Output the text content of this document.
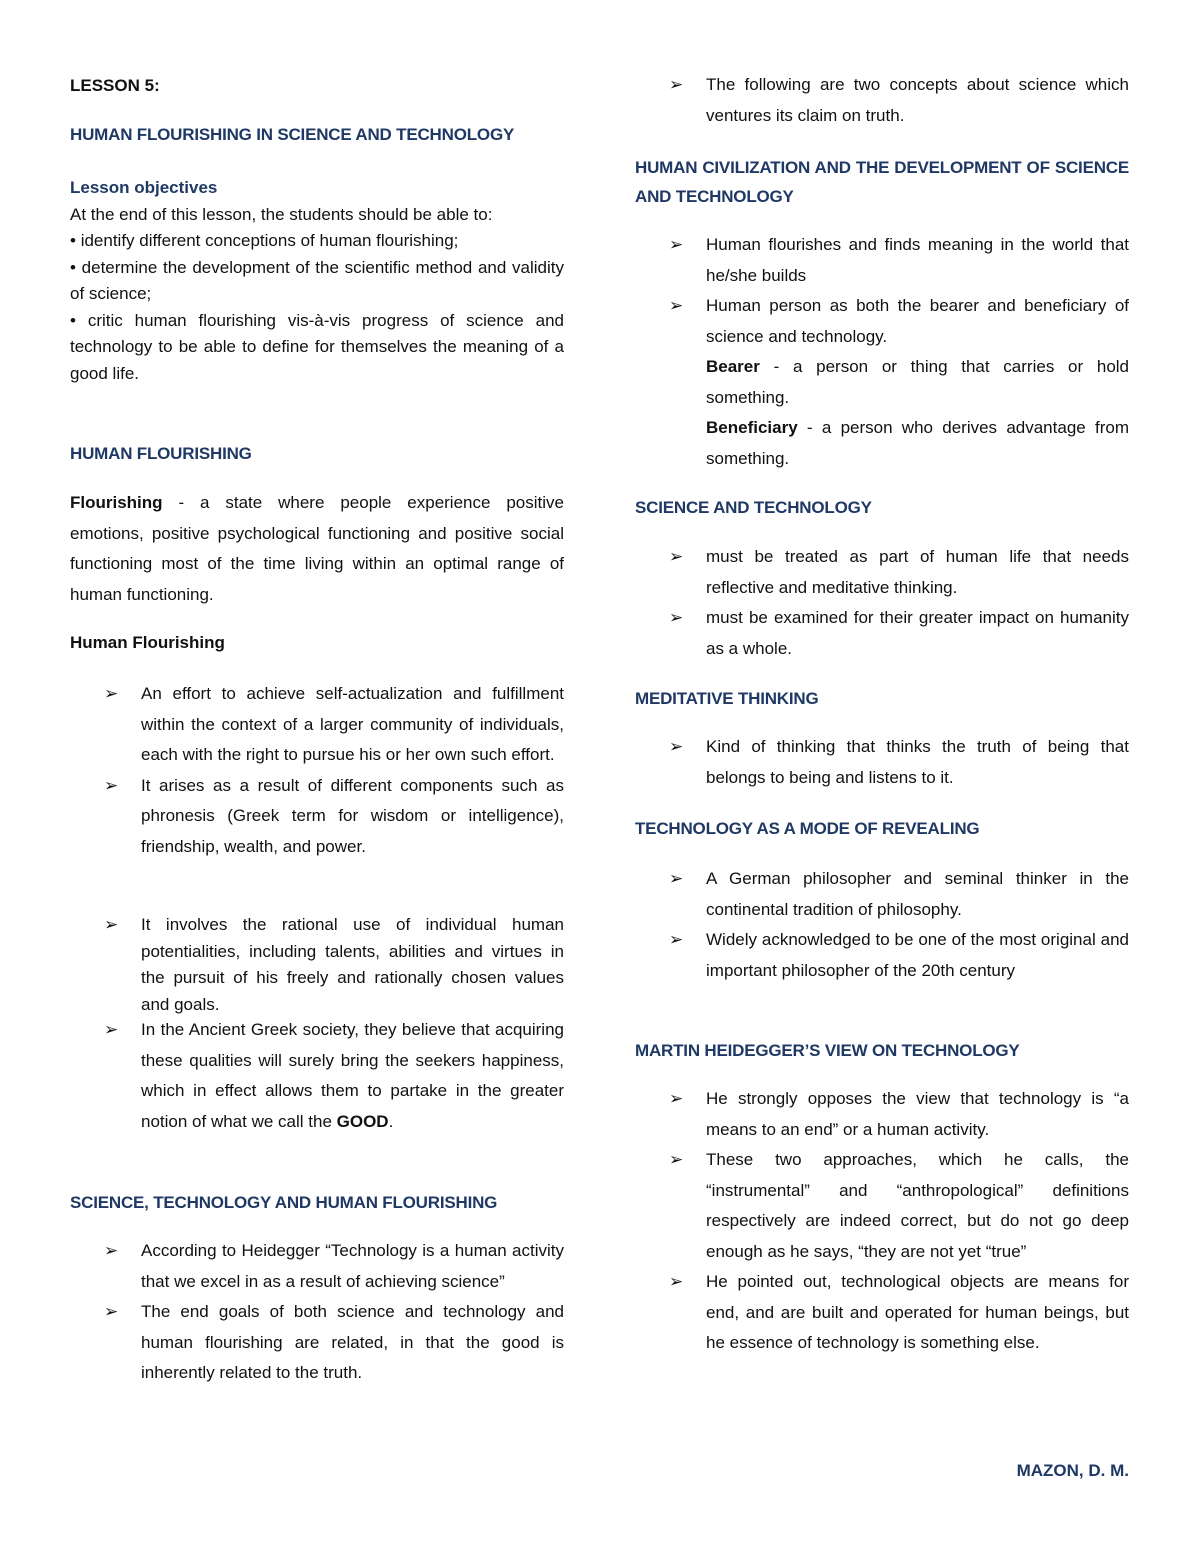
LESSON 5:

HUMAN FLOURISHING IN SCIENCE AND TECHNOLOGY

Lesson objectives
At the end of this lesson, the students should be able to:
• identify different conceptions of human flourishing;
• determine the development of the scientific method and validity of science;
• critic human flourishing vis-à-vis progress of science and technology to be able to define for themselves the meaning of a good life.

HUMAN FLOURISHING

Flourishing - a state where people experience positive emotions, positive psychological functioning and positive social functioning most of the time living within an optimal range of human functioning.

Human Flourishing

➢ An effort to achieve self-actualization and fulfillment within the context of a larger community of individuals, each with the right to pursue his or her own such effort.
➢ It arises as a result of different components such as phronesis (Greek term for wisdom or intelligence), friendship, wealth, and power.
➢ It involves the rational use of individual human potentialities, including talents, abilities and virtues in the pursuit of his freely and rationally chosen values and goals.
➢ In the Ancient Greek society, they believe that acquiring these qualities will surely bring the seekers happiness, which in effect allows them to partake in the greater notion of what we call the GOOD.

SCIENCE, TECHNOLOGY AND HUMAN FLOURISHING

➢ According to Heidegger “Technology is a human activity that we excel in as a result of achieving science”
➢ The end goals of both science and technology and human flourishing are related, in that the good is inherently related to the truth.
➢ The following are two concepts about science which ventures its claim on truth.

HUMAN CIVILIZATION AND THE DEVELOPMENT OF SCIENCE AND TECHNOLOGY

➢ Human flourishes and finds meaning in the world that he/she builds
➢ Human person as both the bearer and beneficiary of science and technology.
Bearer - a person or thing that carries or hold something.
Beneficiary - a person who derives advantage from something.

SCIENCE AND TECHNOLOGY

➢ must be treated as part of human life that needs reflective and meditative thinking.
➢ must be examined for their greater impact on humanity as a whole.

MEDITATIVE THINKING

➢ Kind of thinking that thinks the truth of being that belongs to being and listens to it.

TECHNOLOGY AS A MODE OF REVEALING

➢ A German philosopher and seminal thinker in the continental tradition of philosophy.
➢ Widely acknowledged to be one of the most original and important philosopher of the 20th century

MARTIN HEIDEGGER’S VIEW ON TECHNOLOGY

➢ He strongly opposes the view that technology is “a means to an end” or a human activity.
➢ These two approaches, which he calls, the “instrumental” and “anthropological” definitions respectively are indeed correct, but do not go deep enough as he says, “they are not yet “true”
➢ He pointed out, technological objects are means for end, and are built and operated for human beings, but he essence of technology is something else.
MAZON, D. M.
